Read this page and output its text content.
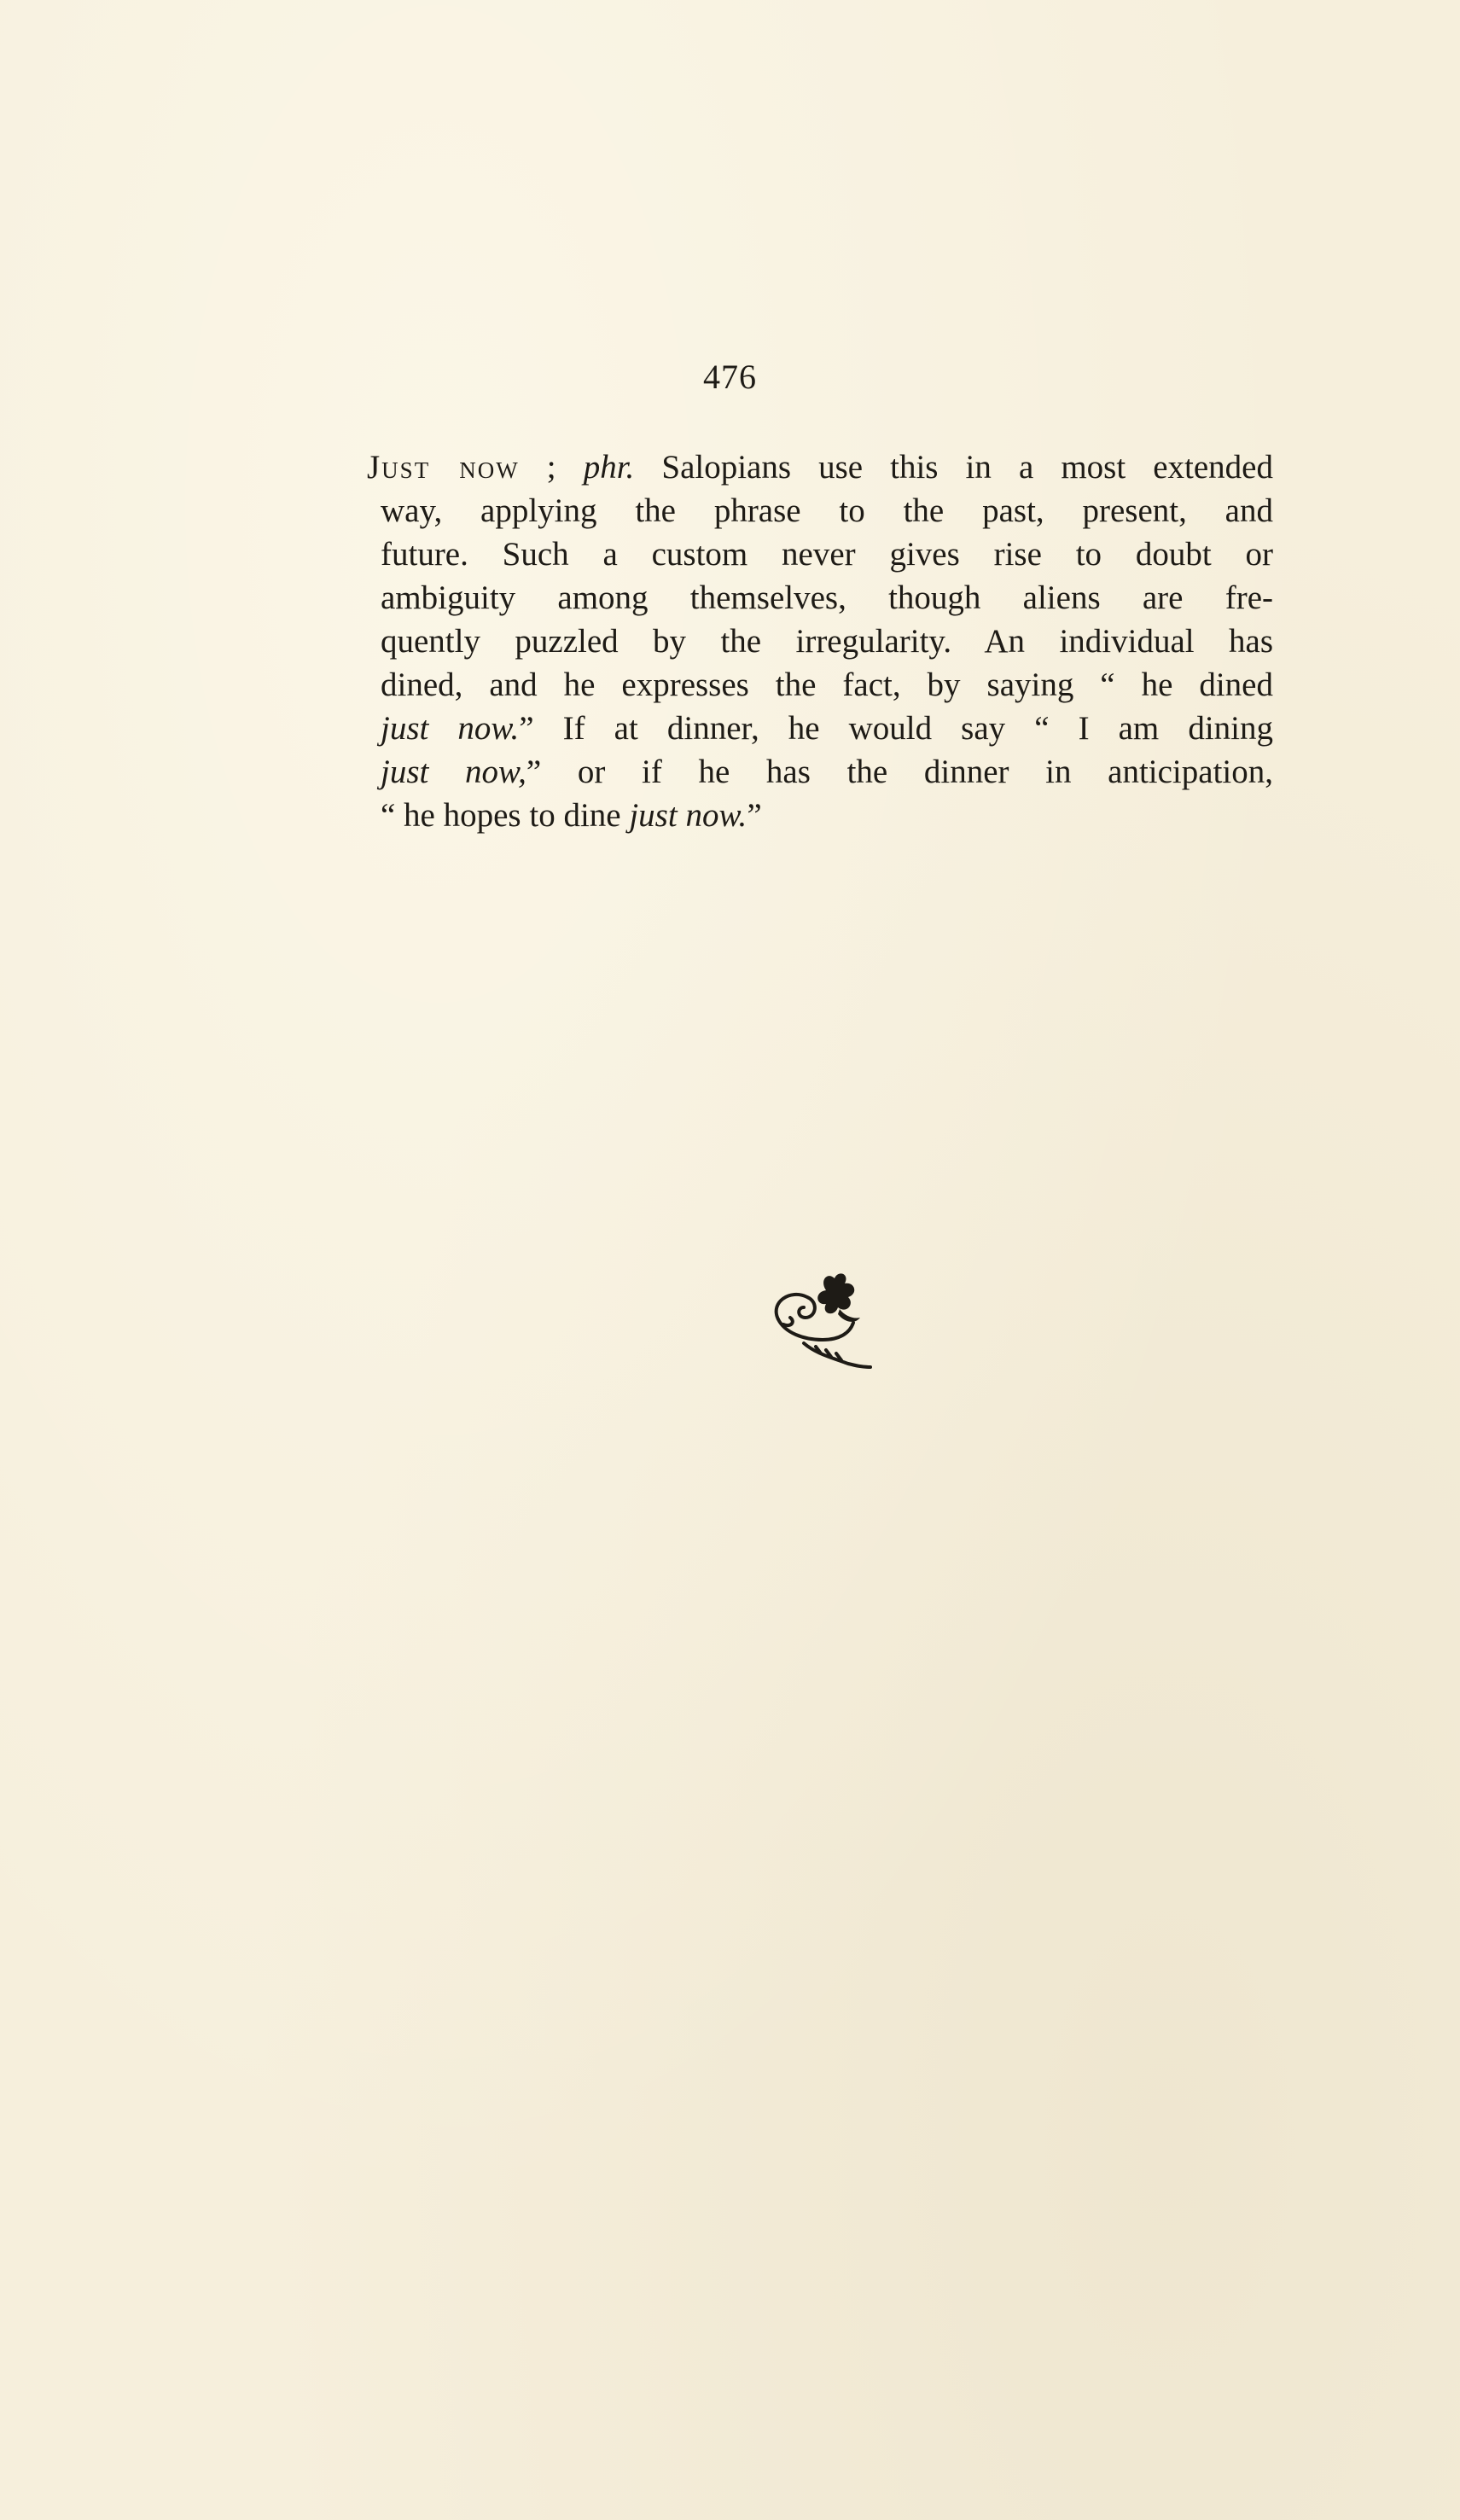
476
Just now ; phr. Salopians use this in a most extended
way, applying the phrase to the past, present, and
future. Such a custom never gives rise to doubt or
ambiguity among themselves, though aliens are fre-
quently puzzled by the irregularity. An individual has
dined, and he expresses the fact, by saying “ he dined
just now.” If at dinner, he would say “ I am dining
just now,” or if he has the dinner in anticipation,
“ he hopes to dine just now.”
